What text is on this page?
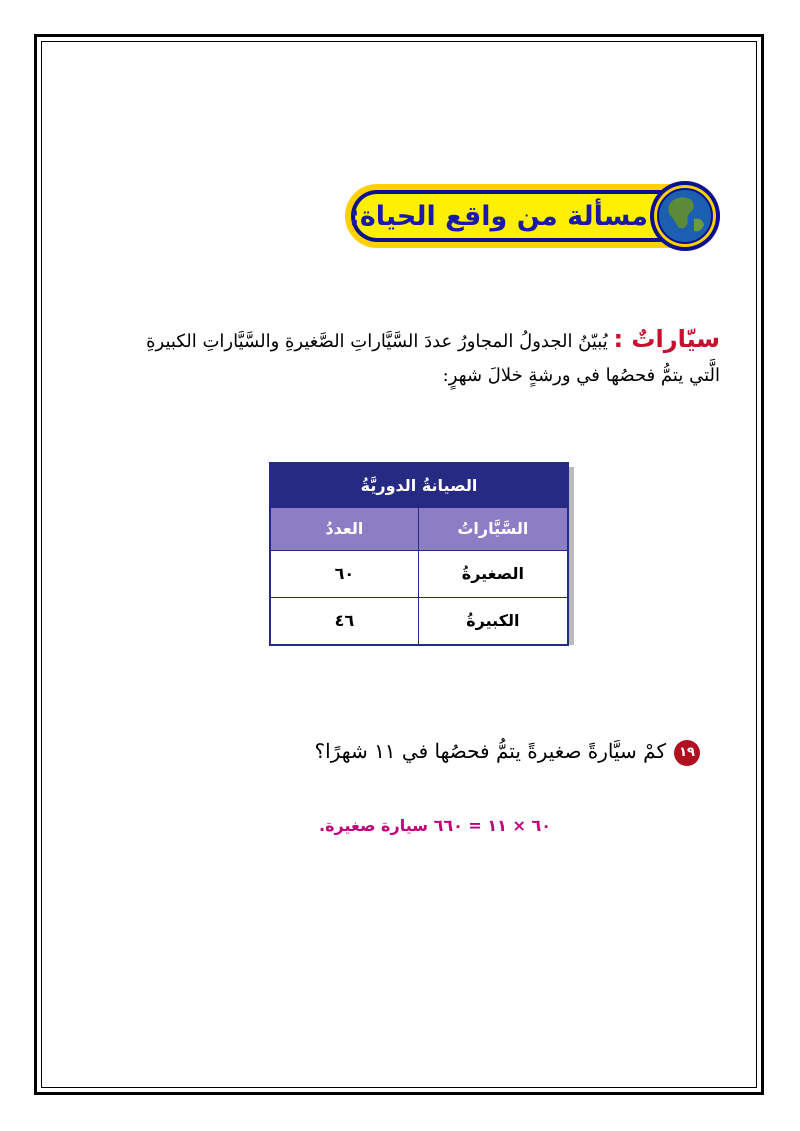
مسألة من واقع الحياة:
سيّاراتٌ : يُبيّنُ الجدولُ المجاورُ عددَ السَّيَّاراتِ الصَّغيرةِ والسَّيَّاراتِ الكبيرةِ الَّتي يتمُّ فحصُها في ورشةٍ خلالَ شهرٍ:
الصيانةُ الدوريَّةُ	
السَّيَّاراتُ	العددُ
الصغيرةُ	٦٠
الكبيرةُ	٤٦
١٩كمْ سيَّارةً صغيرةً يتمُّ فحصُها في ١١ شهرًا؟
٦٠ × ١١ = ٦٦٠ سيارة صغيرة.
